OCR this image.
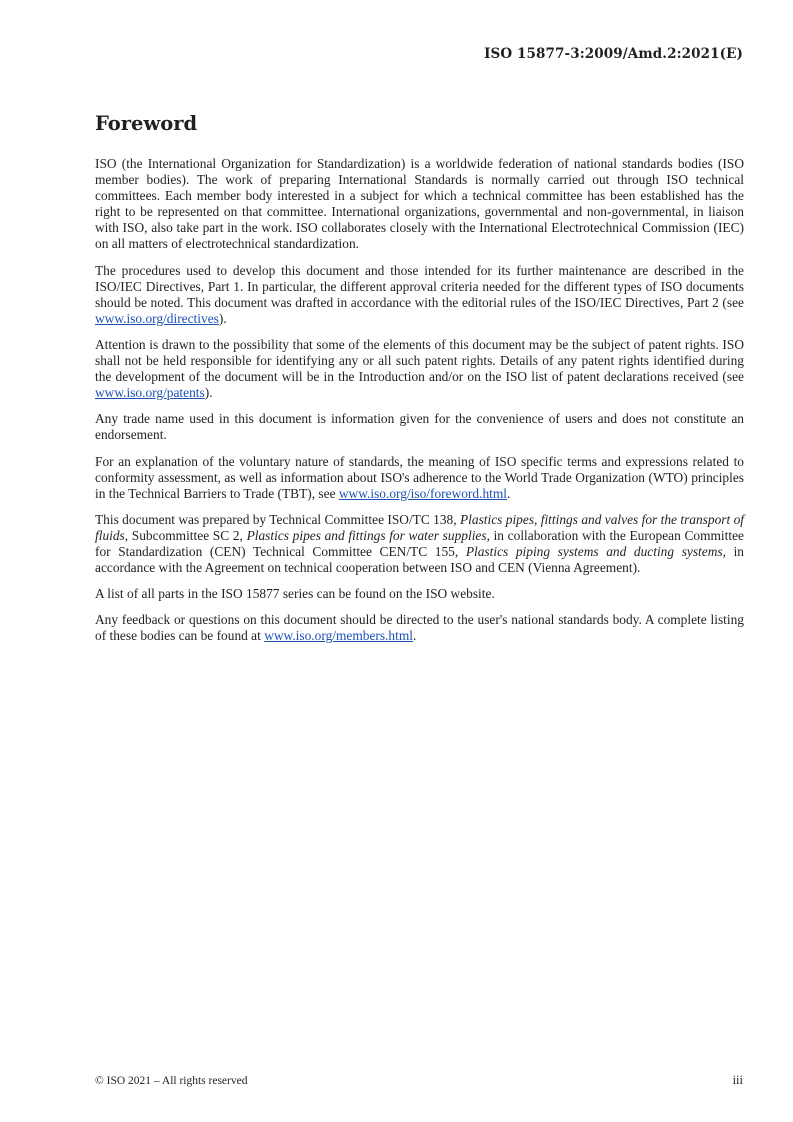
ISO 15877-3:2009/Amd.2:2021(E)
Foreword

ISO (the International Organization for Standardization) is a worldwide federation of national standards bodies (ISO member bodies). The work of preparing International Standards is normally carried out through ISO technical committees. Each member body interested in a subject for which a technical committee has been established has the right to be represented on that committee. International organizations, governmental and non-governmental, in liaison with ISO, also take part in the work. ISO collaborates closely with the International Electrotechnical Commission (IEC) on all matters of electrotechnical standardization.

The procedures used to develop this document and those intended for its further maintenance are described in the ISO/IEC Directives, Part 1. In particular, the different approval criteria needed for the different types of ISO documents should be noted. This document was drafted in accordance with the editorial rules of the ISO/IEC Directives, Part 2 (see www.iso.org/directives).

Attention is drawn to the possibility that some of the elements of this document may be the subject of patent rights. ISO shall not be held responsible for identifying any or all such patent rights. Details of any patent rights identified during the development of the document will be in the Introduction and/or on the ISO list of patent declarations received (see www.iso.org/patents).

Any trade name used in this document is information given for the convenience of users and does not constitute an endorsement.

For an explanation of the voluntary nature of standards, the meaning of ISO specific terms and expressions related to conformity assessment, as well as information about ISO's adherence to the World Trade Organization (WTO) principles in the Technical Barriers to Trade (TBT), see www.iso.org/iso/foreword.html.

This document was prepared by Technical Committee ISO/TC 138, Plastics pipes, fittings and valves for the transport of fluids, Subcommittee SC 2, Plastics pipes and fittings for water supplies, in collaboration with the European Committee for Standardization (CEN) Technical Committee CEN/TC 155, Plastics piping systems and ducting systems, in accordance with the Agreement on technical cooperation between ISO and CEN (Vienna Agreement).

A list of all parts in the ISO 15877 series can be found on the ISO website.

Any feedback or questions on this document should be directed to the user's national standards body. A complete listing of these bodies can be found at www.iso.org/members.html.

© ISO 2021 – All rights reserved	iii
